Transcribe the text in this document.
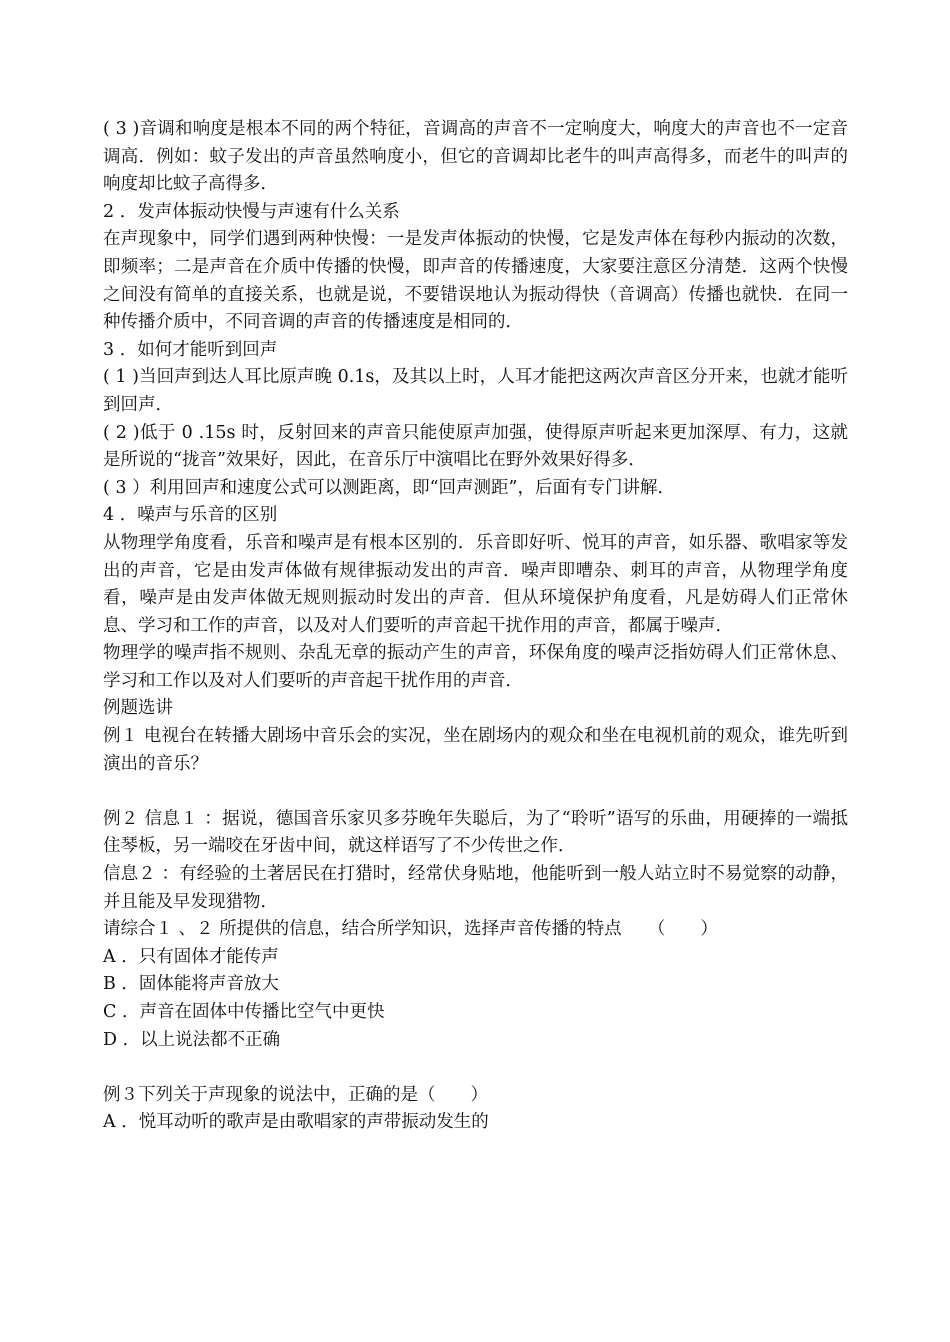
( 3 )音调和响度是根本不同的两个特征，音调高的声音不一定响度大，响度大的声音也不一定音调高．例如：蚊子发出的声音虽然响度小，但它的音调却比老牛的叫声高得多，而老牛的叫声的响度却比蚊子高得多．

2 ．发声体振动快慢与声速有什么关系

在声现象中，同学们遇到两种快慢：一是发声体振动的快慢，它是发声体在每秒内振动的次数，即频率；二是声音在介质中传播的快慢，即声音的传播速度，大家要注意区分清楚．这两个快慢之间没有简单的直接关系，也就是说，不要错误地认为振动得快（音调高）传播也就快．在同一种传播介质中，不同音调的声音的传播速度是相同的．

3 ．如何才能听到回声

( 1 )当回声到达人耳比原声晚 0.1s，及其以上时，人耳才能把这两次声音区分开来，也就才能听到回声．

( 2 )低于 0 .15s 时，反射回来的声音只能使原声加强，使得原声听起来更加深厚、有力，这就是所说的“拢音”效果好，因此，在音乐厅中演唱比在野外效果好得多．

( 3 ）利用回声和速度公式可以测距离，即“回声测距”，后面有专门讲解．

4 ．噪声与乐音的区别

从物理学角度看，乐音和噪声是有根本区别的．乐音即好听、悦耳的声音，如乐器、歌唱家等发出的声音，它是由发声体做有规律振动发出的声音．噪声即嘈杂、刺耳的声音，从物理学角度看，噪声是由发声体做无规则振动时发出的声音．但从环境保护角度看，凡是妨碍人们正常休息、学习和工作的声音，以及对人们要听的声音起干扰作用的声音，都属于噪声．

物理学的噪声指不规则、杂乱无章的振动产生的声音，环保角度的噪声泛指妨碍人们正常休息、学习和工作以及对人们要听的声音起干扰作用的声音．

例题选讲

例１ 电视台在转播大剧场中音乐会的实况，坐在剧场内的观众和坐在电视机前的观众，谁先听到演出的音乐？

例２ 信息１ ：据说，德国音乐家贝多芬晚年失聪后，为了“聆听”语写的乐曲，用硬捧的一端抵住琴板，另一端咬在牙齿中间，就这样语写了不少传世之作．

信息２ ：有经验的土著居民在打猎时，经常伏身贴地，他能听到一般人站立时不易觉察的动静，并且能及早发现猎物．

请综合１ 、２ 所提供的信息，结合所学知识，选择声音传播的特点　　（　　）

A ．只有固体才能传声

B ．固体能将声音放大

C ．声音在固体中传播比空气中更快

D ．以上说法都不正确

例３下列关于声现象的说法中，正确的是（　　）

A ．悦耳动听的歌声是由歌唱家的声带振动发生的
